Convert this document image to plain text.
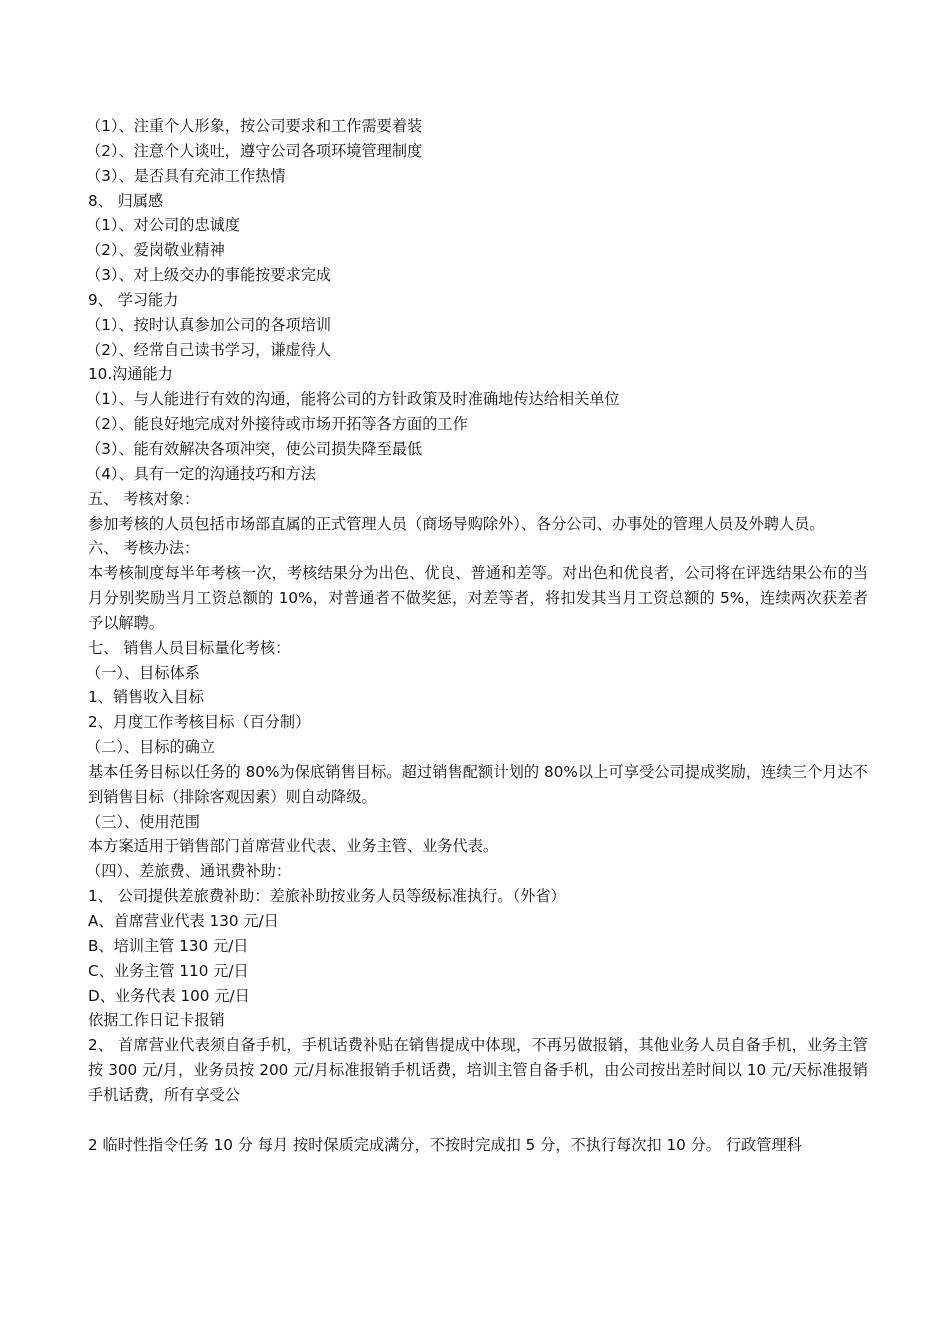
（1）、注重个人形象，按公司要求和工作需要着装
（2）、注意个人谈吐，遵守公司各项环境管理制度
（3）、是否具有充沛工作热情
8、 归属感
（1）、对公司的忠诚度
（2）、爱岗敬业精神
（3）、对上级交办的事能按要求完成
9、 学习能力
（1）、按时认真参加公司的各项培训
（2）、经常自己读书学习，谦虚待人
10.沟通能力
（1）、与人能进行有效的沟通，能将公司的方针政策及时准确地传达给相关单位
（2）、能良好地完成对外接待或市场开拓等各方面的工作
（3）、能有效解决各项冲突，使公司损失降至最低
（4）、具有一定的沟通技巧和方法
五、 考核对象：
参加考核的人员包括市场部直属的正式管理人员（商场导购除外）、各分公司、办事处的管理人员及外聘人员。
六、 考核办法：
本考核制度每半年考核一次，考核结果分为出色、优良、普通和差等。对出色和优良者，公司将在评选结果公布的当月分别奖励当月工资总额的 10%，对普通者不做奖惩，对差等者，将扣发其当月工资总额的 5%，连续两次获差者予以解聘。
七、 销售人员目标量化考核：
（一）、目标体系
1、销售收入目标
2、月度工作考核目标（百分制）
（二）、目标的确立
基本任务目标以任务的 80%为保底销售目标。超过销售配额计划的 80%以上可享受公司提成奖励，连续三个月达不到销售目标（排除客观因素）则自动降级。
（三）、使用范围
本方案适用于销售部门首席营业代表、业务主管、业务代表。
（四）、差旅费、通讯费补助：
1、 公司提供差旅费补助：差旅补助按业务人员等级标准执行。（外省）
A、首席营业代表 130 元/日
B、培训主管 130 元/日
C、业务主管 110 元/日
D、业务代表 100 元/日
依据工作日记卡报销
2、 首席营业代表须自备手机，手机话费补贴在销售提成中体现，不再另做报销，其他业务人员自备手机，业务主管按 300 元/月，业务员按 200 元/月标准报销手机话费，培训主管自备手机，由公司按出差时间以 10 元/天标准报销手机话费，所有享受公
2 临时性指令任务 10 分 每月 按时保质完成满分，不按时完成扣 5 分，不执行每次扣 10 分。 行政管理科
